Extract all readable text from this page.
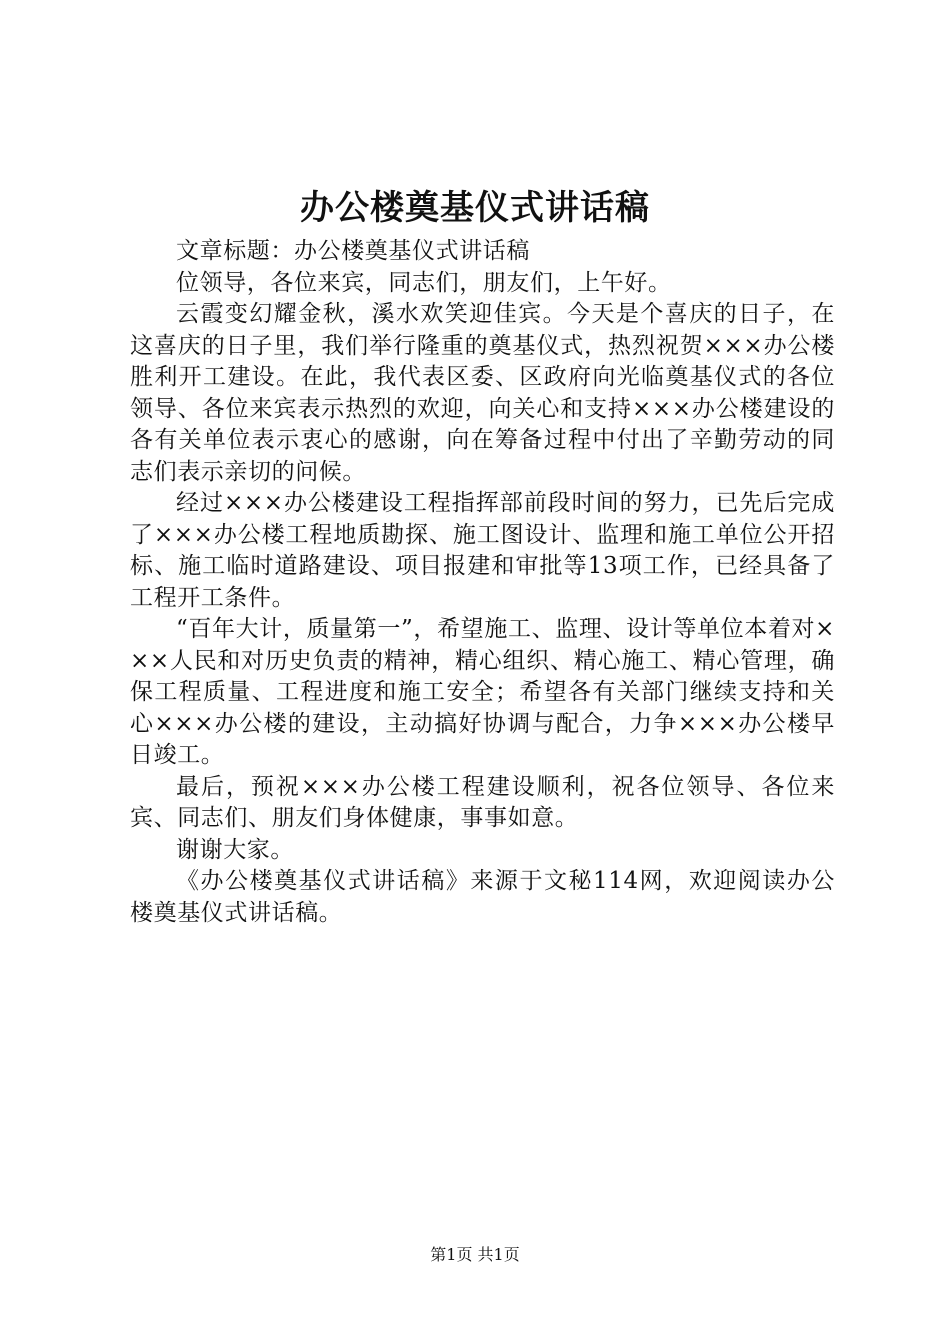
办公楼奠基仪式讲话稿

文章标题：办公楼奠基仪式讲话稿

位领导，各位来宾，同志们，朋友们，上午好。

云霞变幻耀金秋，溪水欢笑迎佳宾。今天是个喜庆的日子，在这喜庆的日子里，我们举行隆重的奠基仪式，热烈祝贺×××办公楼胜利开工建设。在此，我代表区委、区政府向光临奠基仪式的各位领导、各位来宾表示热烈的欢迎，向关心和支持×××办公楼建设的各有关单位表示衷心的感谢，向在筹备过程中付出了辛勤劳动的同志们表示亲切的问候。

经过×××办公楼建设工程指挥部前段时间的努力，已先后完成了×××办公楼工程地质勘探、施工图设计、监理和施工单位公开招标、施工临时道路建设、项目报建和审批等13项工作，已经具备了工程开工条件。

“百年大计，质量第一”，希望施工、监理、设计等单位本着对×××人民和对历史负责的精神，精心组织、精心施工、精心管理，确保工程质量、工程进度和施工安全；希望各有关部门继续支持和关心×××办公楼的建设，主动搞好协调与配合，力争×××办公楼早日竣工。

最后，预祝×××办公楼工程建设顺利，祝各位领导、各位来宾、同志们、朋友们身体健康，事事如意。

谢谢大家。

《办公楼奠基仪式讲话稿》来源于文秘114网，欢迎阅读办公楼奠基仪式讲话稿。

第1页 共1页
